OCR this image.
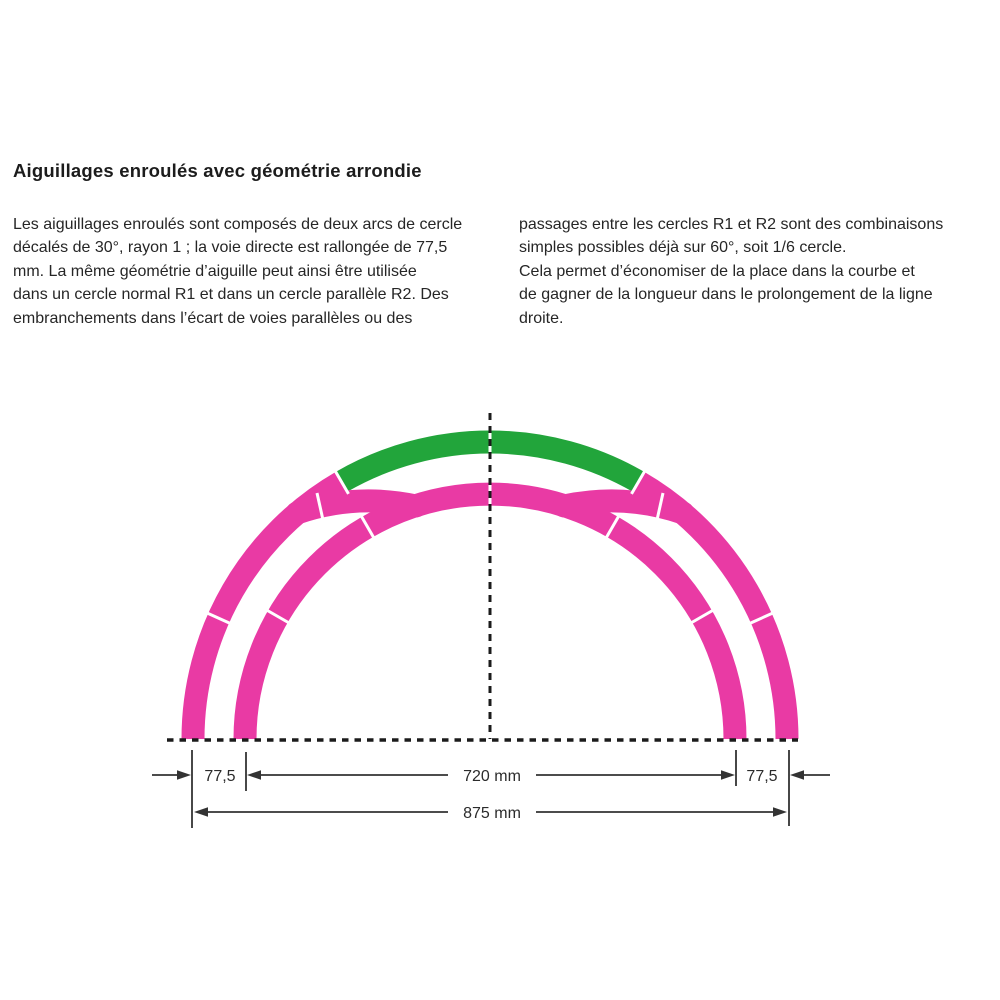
Aiguillages enroulés avec géométrie arrondie
Les aiguillages enroulés sont composés de deux arcs de cercle
décalés de 30°, rayon 1 ; la voie directe est rallongée de 77,5
mm. La même géométrie d’aiguille peut ainsi être utilisée
dans un cercle normal R1 et dans un cercle parallèle R2. Des
embranchements dans l’écart de voies parallèles ou des
passages entre les cercles R1 et R2 sont des combinaisons
simples possibles déjà sur 60°, soit 1/6 cercle.
Cela permet d’économiser de la place dans la courbe et
de gagner de la longueur dans le prolongement de la ligne
droite.
77,5	720 mm	77,5
875 mm
